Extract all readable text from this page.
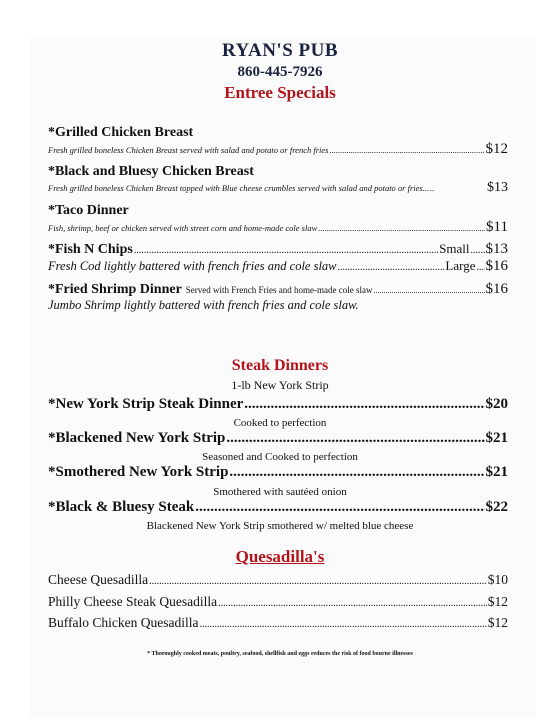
RYAN'S PUB
860-445-7926
Entree Specials
*Grilled Chicken Breast
Fresh grilled boneless Chicken Breast served with salad and potato or french fries .....	$12
*Black and Bluesy Chicken Breast
Fresh grilled boneless Chicken Breast topped with Blue cheese crumbles served with salad and potato or fries... .....	$13
*Taco Dinner
Fish, shrimp, beef or chicken served with street corn and home-made cole slaw .....	$11
*Fish N Chips .....	Small ..... $13
Fresh Cod lightly battered with french fries and cole slaw .....	Large ..... $16
*Fried Shrimp Dinner Served with French Fries and home-made cole slaw .....	$16
Jumbo Shrimp lightly battered with french fries and cole slaw.
Steak Dinners
1-lb New York Strip
*New York Strip Steak Dinner .....	$20
Cooked to perfection
*Blackened New York Strip .....	$21
Seasoned and Cooked to perfection
*Smothered New York Strip .....	$21
Smothered with sautéed onion
*Black & Bluesy Steak .....	$22
Blackened New York Strip smothered w/ melted blue cheese
Quesadilla's
Cheese Quesadilla .....	$10
Philly Cheese Steak Quesadilla .....	$12
Buffalo Chicken Quesadilla .....	$12
* Thoroughly cooked meats, poultry, seafood, shellfish and eggs reduces the risk of food bourne illnesses
